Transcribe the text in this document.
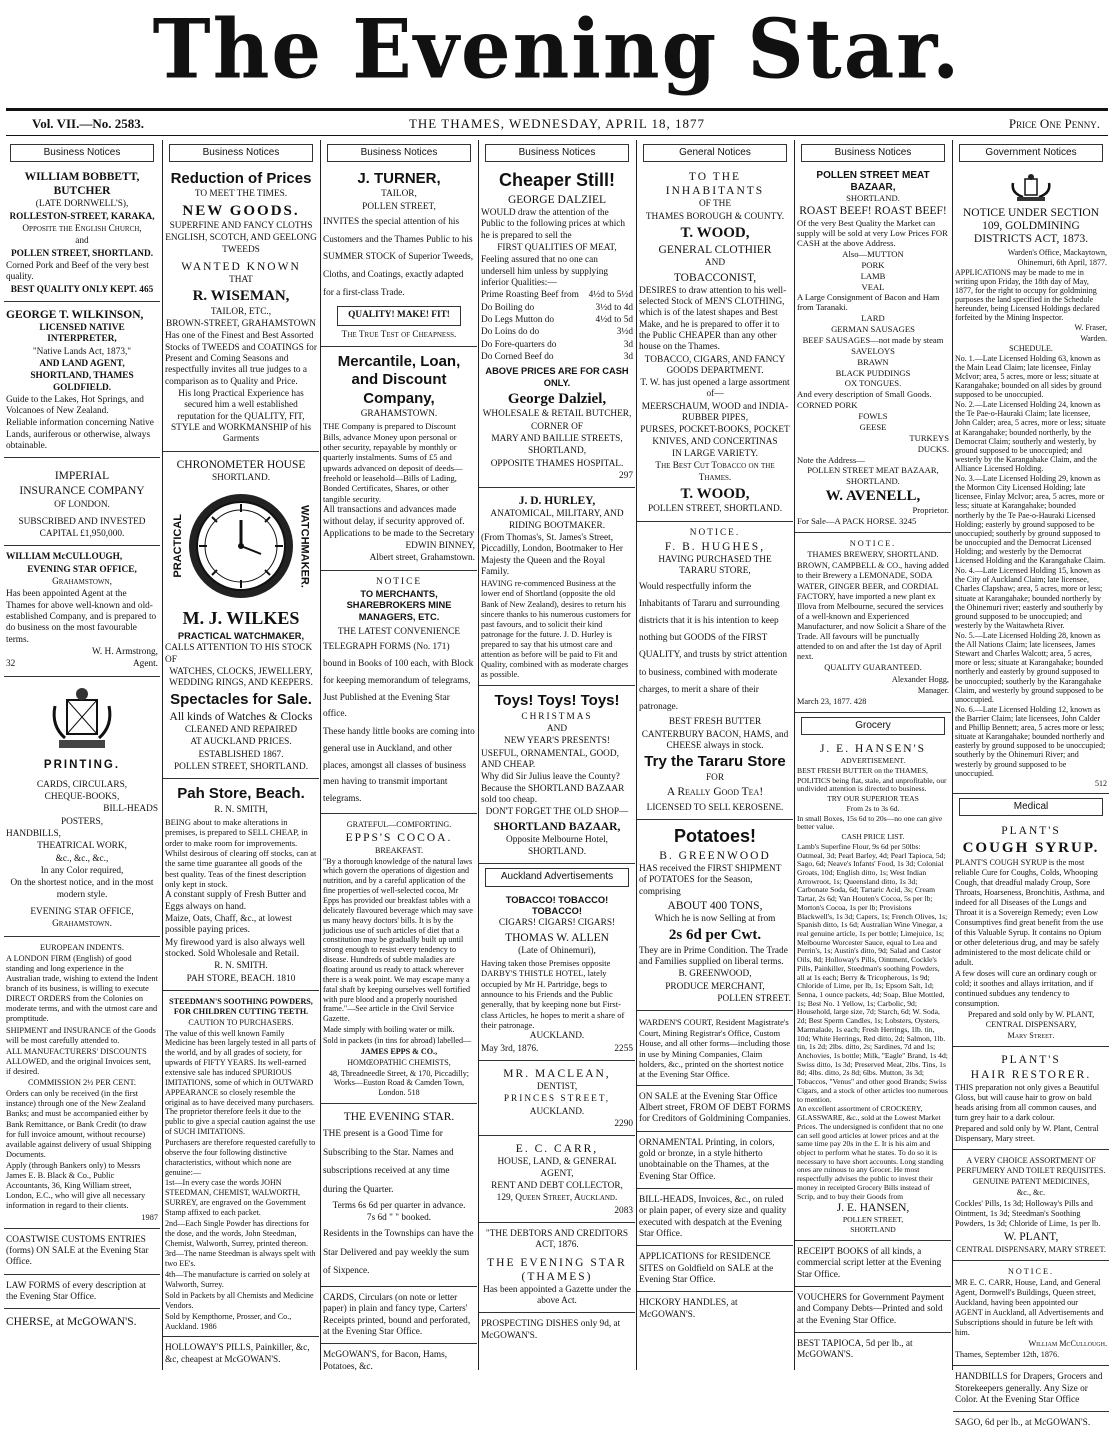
The Evening Star.
Vol. VII.—No. 2583.	THE THAMES, WEDNESDAY, APRIL 18, 1877	Price One Penny.
Business Notices

WILLIAM BOBBETT, BUTCHER

(LATE DORNWELL'S),

ROLLESTON-STREET, KARAKA,

Opposite the English Church,

and

POLLEN STREET, SHORTLAND.

Corned Pork and Beef of the very best quality.

BEST QUALITY ONLY KEPT. 465

GEORGE T. WILKINSON,

LICENSED NATIVE INTERPRETER,

"Native Lands Act, 1873,"

AND LAND AGENT,

SHORTLAND, THAMES GOLDFIELD.

Guide to the Lakes, Hot Springs, and Volcanoes of New Zealand.

Reliable information concerning Native Lands, auriferous or otherwise, always obtainable.

IMPERIAL

INSURANCE COMPANY

OF LONDON.

SUBSCRIBED AND INVESTED

CAPITAL £1,950,000.

WILLIAM McCULLOUGH,

EVENING STAR OFFICE,

Grahamstown,

Has been appointed Agent at the Thames for above well-known and old-established Company, and is prepared to do business on the most favourable terms.

W. H. Armstrong,

32	Agent.

PRINTING.

CARDS, CIRCULARS,

CHEQUE-BOOKS,

BILL-HEADS

POSTERS,

HANDBILLS,

THEATRICAL WORK,

&c., &c., &c.,

In any Color required,

On the shortest notice, and in the most modern style.

EVENING STAR OFFICE,

Grahamstown.

EUROPEAN INDENTS.

A LONDON FIRM (English) of good standing and long experience in the Australian trade, wishing to extend the Indent branch of its business, is willing to execute DIRECT ORDERS from the Colonies on moderate terms, and with the utmost care and promptitude.

SHIPMENT and INSURANCE of the Goods will be most carefully attended to.

ALL MANUFACTURERS' DISCOUNTS ALLOWED, and the original Invoices sent, if desired.

COMMISSION 2½ PER CENT.

Orders can only be received (in the first instance) through one of the New Zealand Banks; and must be accompanied either by Bank Remittance, or Bank Credit (to draw for full invoice amount, without recourse) available against delivery of usual Shipping Documents.

Apply (through Bankers only) to Messrs James E. B. Black & Co., Public Accountants, 36, King William street, London, E.C., who will give all necessary information in regard to their clients.

1987

COASTWISE CUSTOMS ENTRIES (forms) ON SALE at the Evening Star Office.

LAW FORMS of every description at the Evening Star Office.

CHERSE, at McGOWAN'S.

Business Notices

Reduction of Prices

TO MEET THE TIMES.

NEW GOODS.

SUPERFINE AND FANCY CLOTHS

ENGLISH, SCOTCH, AND GEELONG TWEEDS

WANTED KNOWN

THAT

R. WISEMAN,

TAILOR, ETC.,

BROWN-STREET, GRAHAMSTOWN

Has one of the Finest and Best Assorted Stocks of TWEEDS and COATINGS for Present and Coming Seasons and respectfully invites all true judges to a comparison as to Quality and Price.

His long Practical Experience has secured him a well established reputation for the QUALITY, FIT, STYLE and WORKMANSHIP of his Garments

CHRONOMETER HOUSE

SHORTLAND.

PRACTICAL	WATCHMAKER.

M. J. WILKES

PRACTICAL WATCHMAKER,

CALLS ATTENTION TO HIS STOCK OF

WATCHES, CLOCKS, JEWELLERY, WEDDING RINGS, AND KEEPERS.

Spectacles for Sale.

All kinds of Watches & Clocks

CLEANED AND REPAIRED

AT AUCKLAND PRICES.

ESTABLISHED 1867.

POLLEN STREET, SHORTLAND.

Pah Store, Beach.

R. N. SMITH,

BEING about to make alterations in premises, is prepared to SELL CHEAP, in order to make room for improvements. Whilst desirous of clearing off stocks, can at the same time guarantee all goods of the best quality. Teas of the finest description only kept in stock.

A constant supply of Fresh Butter and Eggs always on hand.

Maize, Oats, Chaff, &c., at lowest possible paying prices.

My firewood yard is also always well stocked. Sold Wholesale and Retail.

R. N. SMITH.

PAH STORE, BEACH. 1810

STEEDMAN'S SOOTHING POWDERS, FOR CHILDREN CUTTING TEETH.

CAUTION TO PURCHASERS.

The value of this well known Family Medicine has been largely tested in all parts of the world, and by all grades of society, for upwards of FIFTY YEARS. Its well-earned extensive sale has induced SPURIOUS IMITATIONS, some of which in OUTWARD APPEARANCE so closely resemble the original as to have deceived many purchasers. The proprietor therefore feels it due to the public to give a special caution against the use of SUCH IMITATIONS.

Purchasers are therefore requested carefully to observe the four following distinctive characteristics, without which none are genuine:—

1st—In every case the words JOHN STEEDMAN, CHEMIST, WALWORTH, SURREY, are engraved on the Government Stamp affixed to each packet.

2nd—Each Single Powder has directions for the dose, and the words, John Steedman, Chemist, Walworth, Surrey, printed thereon.

3rd—The name Steedman is always spelt with two EE's.

4th—The manufacture is carried on solely at Walworth, Surrey.

Sold in Packets by all Chemists and Medicine Vendors.

Sold by Kempthorne, Prosser, and Co., Auckland. 1986

HOLLOWAY'S PILLS, Painkiller, &c, &c, cheapest at McGOWAN'S.

Business Notices

J. TURNER,

TAILOR,

POLLEN STREET,

INVITES the special attention of his Customers and the Thames Public to his SUMMER STOCK of Superior Tweeds, Cloths, and Coatings, exactly adapted for a first-class Trade.

QUALITY! MAKE! FIT!

The True Test of Cheapness.

Mercantile, Loan, and Discount Company,

GRAHAMSTOWN.

THE Company is prepared to Discount Bills, advance Money upon personal or other security, repayable by monthly or quarterly instalments. Sums of £5 and upwards advanced on deposit of deeds—freehold or leasehold—Bills of Lading, Bonded Certificates, Shares, or other tangible security.

All transactions and advances made without delay, if security approved of.

Applications to be made to the Secretary

EDWIN BINNEY,

Albert street, Grahamstown.

NOTICE

TO MERCHANTS, SHAREBROKERS MINE MANAGERS, ETC.

THE LATEST CONVENIENCE

TELEGRAPH FORMS (No. 171) bound in Books of 100 each, with Block for keeping memorandum of telegrams, Just Published at the Evening Star office.

These handy little books are coming into general use in Auckland, and other places, amongst all classes of business men having to transmit important telegrams.

GRATEFUL—COMFORTING.

EPPS'S COCOA.

BREAKFAST.

"By a thorough knowledge of the natural laws which govern the operations of digestion and nutrition, and by a careful application of the fine properties of well-selected cocoa, Mr Epps has provided our breakfast tables with a delicately flavoured beverage which may save us many heavy doctors' bills. It is by the judicious use of such articles of diet that a constitution may be gradually built up until strong enough to resist every tendency to disease. Hundreds of subtle maladies are floating around us ready to attack wherever there is a weak point. We may escape many a fatal shaft by keeping ourselves well fortified with pure blood and a properly nourished frame."—See article in the Civil Service Gazette.

Made simply with boiling water or milk.

Sold in packets (in tins for abroad) labelled—

JAMES EPPS & CO.,

HOMŒOPATHIC CHEMISTS,

48, Threadneedle Street, & 170, Piccadilly; Works—Euston Road & Camden Town, London. 518

THE EVENING STAR.

THE present is a Good Time for Subscribing to the Star. Names and subscriptions received at any time during the Quarter.

Terms 6s 6d per quarter in advance.

7s 6d " " booked.

Residents in the Townships can have the Star Delivered and pay weekly the sum of Sixpence.

CARDS, Circulars (on note or letter paper) in plain and fancy type, Carters' Receipts printed, bound and perforated, at the Evening Star Office.

McGOWAN'S, for Bacon, Hams, Potatoes, &c.

Business Notices

Cheaper Still!

GEORGE DALZIEL

WOULD draw the attention of the Public to the following prices at which he is prepared to sell the

FIRST QUALITIES OF MEAT,

Feeling assured that no one can undersell him unless by supplying inferior Qualities:—

Prime Roasting Beef from 4½d to 5½d

Do Boiling do	3½d to 4d

Do Legs Mutton do	4½d to 5d

Do Loins do do	3½d

Do Fore-quarters do	3d

Do Corned Beef do	3d

ABOVE PRICES ARE FOR CASH ONLY.

George Dalziel,

WHOLESALE & RETAIL BUTCHER,

CORNER OF

MARY AND BAILLIE STREETS,

SHORTLAND,

OPPOSITE THAMES HOSPITAL.

297

J. D. HURLEY,

ANATOMICAL, MILITARY, AND RIDING BOOTMAKER.

(From Thomas's, St. James's Street, Piccadilly, London, Bootmaker to Her Majesty the Queen and the Royal Family.

HAVING re-commenced Business at the lower end of Shortland (opposite the old Bank of New Zealand), desires to return his sincere thanks to his numerous customers for past favours, and to solicit their kind patronage for the future. J. D. Hurley is prepared to say that his utmost care and attention as before will be paid to Fit and Quality, combined with as moderate charges as possible.

Toys! Toys! Toys!

CHRISTMAS

AND

NEW YEAR'S PRESENTS!

USEFUL, ORNAMENTAL, GOOD, AND CHEAP.

Why did Sir Julius leave the County? Because the SHORTLAND BAZAAR sold too cheap.

DON'T FORGET THE OLD SHOP—

SHORTLAND BAZAAR,

Opposite Melbourne Hotel,

SHORTLAND.

Auckland Advertisements

TOBACCO! TOBACCO! TOBACCO!

CIGARS! CIGARS! CIGARS!

THOMAS W. ALLEN

(Late of Ohinemuri),

Having taken those Premises opposite DARBY'S THISTLE HOTEL, lately occupied by Mr H. Partridge, begs to announce to his Friends and the Public generally, that by keeping none but First-class Articles, he hopes to merit a share of their patronage.

AUCKLAND.

May 3rd, 1876.	2255

MR. MACLEAN,

DENTIST,

PRINCES STREET,

AUCKLAND.

2290

E. C. CARR,

HOUSE, LAND, & GENERAL AGENT,

RENT AND DEBT COLLECTOR,

129, Queen Street, Auckland.

2083

"THE DEBTORS AND CREDITORS ACT, 1876.

THE EVENING STAR (THAMES)

Has been appointed a Gazette under the above Act.

PROSPECTING DISHES only 9d, at McGOWAN'S.

General Notices

TO THE INHABITANTS

OF THE

THAMES BOROUGH & COUNTY.

T. WOOD,

GENERAL CLOTHIER

AND

TOBACCONIST,

DESIRES to draw attention to his well-selected Stock of MEN'S CLOTHING, which is of the latest shapes and Best Make, and he is prepared to offer it to the Public CHEAPER than any other house on the Thames.

TOBACCO, CIGARS, AND FANCY GOODS DEPARTMENT.

T. W. has just opened a large assortment of—

MEERSCHAUM, WOOD and INDIA-RUBBER PIPES,

PURSES, POCKET-BOOKS, POCKET KNIVES, AND CONCERTINAS

IN LARGE VARIETY.

The Best Cut Tobacco on the Thames.

T. WOOD,

POLLEN STREET, SHORTLAND.

NOTICE.

F. B. HUGHES,

HAVING PURCHASED THE TARARU STORE,

Would respectfully inform the Inhabitants of Tararu and surrounding districts that it is his intention to keep nothing but GOODS of the FIRST QUALITY, and trusts by strict attention to business, combined with moderate charges, to merit a share of their patronage.

BEST FRESH BUTTER

CANTERBURY BACON, HAMS, and CHEESE always in stock.

Try the Tararu Store

FOR

A Really Good Tea!

LICENSED TO SELL KEROSENE.

Potatoes!

B. GREENWOOD

HAS received the FIRST SHIPMENT of POTATOES for the Season, comprising

ABOUT 400 TONS,

Which he is now Selling at from

2s 6d per Cwt.

They are in Prime Condition. The Trade and Families supplied on liberal terms.

B. GREENWOOD,

PRODUCE MERCHANT,

POLLEN STREET.

WARDEN'S COURT, Resident Magistrate's Court, Mining Registrar's Office, Custom House, and all other forms—including those in use by Mining Companies, Claim holders, &c., printed on the shortest notice at the Evening Star Office.

ON SALE at the Evening Star Office Albert street, FROM OF DEBT FORMS for Creditors of Goldmining Companies.

ORNAMENTAL Printing, in colors, gold or bronze, in a style hitherto unobtainable on the Thames, at the Evening Star Office.

BILL-HEADS, Invoices, &c., on ruled or plain paper, of every size and quality executed with despatch at the Evening Star Office.

APPLICATIONS for RESIDENCE SITES on Goldfield on SALE at the Evening Star Office.

HICKORY HANDLES, at McGOWAN'S.

Business Notices

POLLEN STREET MEAT BAZAAR,

SHORTLAND.

ROAST BEEF! ROAST BEEF!

Of the very Best Quality the Market can supply will be sold at very Low Prices FOR CASH at the above Address.

Also—MUTTON

PORK

LAMB

VEAL

A Large Consignment of Bacon and Ham from Taranaki.

LARD

GERMAN SAUSAGES

BEEF SAUSAGES—not made by steam

SAVELOYS

BRAWN

BLACK PUDDINGS

OX TONGUES.

And every description of Small Goods.

CORNED PORK

FOWLS

GEESE

TURKEYS

DUCKS.

Note the Address—

POLLEN STREET MEAT BAZAAR,

SHORTLAND.

W. AVENELL,

Proprietor.

For Sale—A PACK HORSE. 3245

NOTICE.

THAMES BREWERY, SHORTLAND.

BROWN, CAMPBELL & CO., having added to their Brewery a LEMONADE, SODA WATER, GINGER BEER, and CORDIAL FACTORY, have imported a new plant ex Illova from Melbourne, secured the services of a well-known and Experienced Manufacturer, and now Solicit a Share of the Trade. All favours will be punctually attended to on and after the 1st day of April next.

QUALITY GUARANTEED.

Alexander Hogg,

Manager.

March 23, 1877. 428

Grocery

J. E. HANSEN'S

ADVERTISEMENT.

BEST FRESH BUTTER on the THAMES,

POLITICS being flat, stale, and unprofitable, our undivided attention is directed to business.

TRY OUR SUPERIOR TEAS

From 2s to 3s 6d.

In small Boxes, 15s 6d to 20s—no one can give better value.

CASH PRICE LIST.

Lamb's Superfine Flour, 9s 6d per 50lbs: Oatmeal, 3d; Pearl Barley, 4d; Pearl Tapioca, 5d; Sago, 6d; Neave's Infants' Food, 1s 3d; Colonial Groats, 10d; English ditto, 1s; West Indian Arrowroot, 1s; Queensland ditto, 1s 3d; Carbonate Soda, 6d; Tartaric Acid, 3s; Cream Tartar, 2s 6d; Van Houten's Cocoa, 5s per lb; Morton's Cocoa, 1s per lb; Provisions Blackwell's, 1s 3d; Capers, 1s; French Olives, 1s; Spanish ditto, 1s 6d; Australian Wine Vinegar, a real genuine article, 1s per bottle; Limejuice, 1s; Melbourne Worcester Sauce, equal to Lea and Perrin's, 1s; Austin's ditto, 9d; Salad and Castor Oils, 8d; Holloway's Pills, Ointment, Cockle's Pills, Painkiller, Steedman's soothing Powders, all at 1s each; Berry & Tricopherous, 1s 9d; Chloride of Lime, per lb, 1s; Epsom Salt, 1d; Senna, 1 ounce packets, 4d; Soap, Blue Mottled, 1s; Best No. 1 Yellow, 1s; Carbolic, 9d; Household, large size, 7d; Starch, 6d; W. Soda, 2d; Best Sperm Candles, 1s; Lobsters, Oysters, Marmalade, 1s each; Fresh Herrings, 1lb. tin, 10d; White Herrings, Red ditto, 2d; Salmon, 1lb. tin, 1s 2d; 2lbs. ditto, 2s; Sardines, 7d and 1s; Anchovies, 1s bottle; Milk, "Eagle" Brand, 1s 4d; Swiss ditto, 1s 3d; Preserved Meat, 2lbs. Tins, 1s 8d; 4lbs. ditto, 2s 8d; 6lbs. Mutton, 3s 3d; Tobaccos, "Venus" and other good Brands; Swiss Cigars, and a stock of other articles too numerous to mention.

An excellent assortment of CROCKERY, GLASSWARE, &c., sold at the Lowest Market Prices. The undersigned is confident that no one can sell good articles at lower prices and at the same time pay 20s in the £. It is his aim and object to perform what he states. To do so it is necessary to have short accounts. Long standing ones are ruinous to any Grocer. He most respectfully advises the public to invest their money in receipted Grocery Bills instead of Scrip, and to buy their Goods from

J. E. HANSEN,

POLLEN STREET,

SHORTLAND

RECEIPT BOOKS of all kinds, a commercial script letter at the Evening Star Office.

VOUCHERS for Government Payment and Company Debts—Printed and sold at the Evening Star Office.

BEST TAPIOCA, 5d per lb., at McGOWAN'S.

Government Notices

NOTICE UNDER SECTION 109, GOLDMINING DISTRICTS ACT, 1873.

Warden's Office, Mackaytown,

Ohinemuri, 6th April, 1877.

APPLICATIONS may be made to me in writing upon Friday, the 18th day of May, 1877, for the right to occupy for goldmining purposes the land specified in the Schedule hereunder, being Licensed Holdings declared forfeited by the Mining Inspector.

W. Fraser,

Warden.

SCHEDULE.

No. 1.—Late Licensed Holding 63, known as the Main Lead Claim; late licensee, Finlay McIvor; area, 5 acres, more or less; situate at Karangahake; bounded on all sides by ground supposed to be unoccupied.

No. 2.—Late Licensed Holding 24, known as the Te Pae-o-Hauraki Claim; late licensee, John Calder; area, 5 acres, more or less; situate at Karangahake; bounded northerly, by the Democrat Claim; southerly and westerly, by ground supposed to be unoccupied; and westerly by the Karangahake Claim, and the Alliance Licensed Holding.

No. 3.—Late Licensed Holding 29, known as the Mormon City Licensed Holding; late licensee, Finlay McIvor; area, 5 acres, more or less; situate at Karangahake; bounded northerly by the Te Pae-o-Hauraki Licensed Holding; easterly by ground supposed to be unoccupied; southerly by ground supposed to be unoccupied and the Democrat Licensed Holding; and westerly by the Democrat Licensed Holding and the Karangahake Claim.

No. 4.—Late Licensed Holding 15, known as the City of Auckland Claim; late licensee, Charles Clapshaw; area, 5 acres, more or less; situate at Karangahake; bounded northerly by the Ohinemuri river; easterly and southerly by ground supposed to be unoccupied; and westerly by the Waitawheta River.

No. 5.—Late Licensed Holding 28, known as the All Nations Claim; late licensees, James Stewart and Charles Walcott; area, 5 acres, more or less; situate at Karangahake; bounded northerly and easterly by ground supposed to be unoccupied; southerly by the Karangahake Claim, and westerly by ground supposed to be unoccupied.

No. 6.—Late Licensed Holding 12, known as the Barrier Claim; late licensees, John Calder and Phillip Bennett; area, 5 acres more or less; situate at Karangahake; bounded northerly and easterly by ground supposed to be unoccupied; southerly by the Ohinemuri River; and westerly by ground supposed to be unoccupied.

512

Medical

PLANT'S

COUGH SYRUP.

PLANT'S COUGH SYRUP is the most reliable Cure for Coughs, Colds, Whooping Cough, that dreadful malady Croup, Sore Throats, Hoarseness, Bronchitis, Asthma, and indeed for all Diseases of the Lungs and Throat it is a Sovereign Remedy; even Low Consumptives find great benefit from the use of this Valuable Syrup. It contains no Opium or other deleterious drug, and may be safely administered to the most delicate child or adult.

A few doses will cure an ordinary cough or cold; it soothes and allays irritation, and if continued subdues any tendency to consumption.

Prepared and sold only by W. PLANT, CENTRAL DISPENSARY,

Mary Street.

PLANT'S

HAIR RESTORER.

THIS preparation not only gives a Beautiful Gloss, but will cause hair to grow on bald heads arising from all common causes, and turn grey hair to a dark colour.

Prepared and sold only by W. Plant, Central Dispensary, Mary street.

A VERY CHOICE ASSORTMENT OF PERFUMERY AND TOILET REQUISITES.

GENUINE PATENT MEDICINES,

&c., &c.

Cockles' Pills, 1s 3d; Holloway's Pills and Ointment, 1s 3d; Steedman's Soothing Powders, 1s 3d; Chloride of Lime, 1s per lb.

W. PLANT,

CENTRAL DISPENSARY, MARY STREET.

NOTICE.

MR E. C. CARR, House, Land, and General Agent, Dornwell's Buildings, Queen street, Auckland, having been appointed our AGENT in Auckland, all Advertisements and Subscriptions should in future be left with him.

William McCullough.

Thames, September 12th, 1876.

HANDBILLS for Drapers, Grocers and Storekeepers generally. Any Size or Color. At the Evening Star Office

SAGO, 6d per lb., at McGOWAN'S.
